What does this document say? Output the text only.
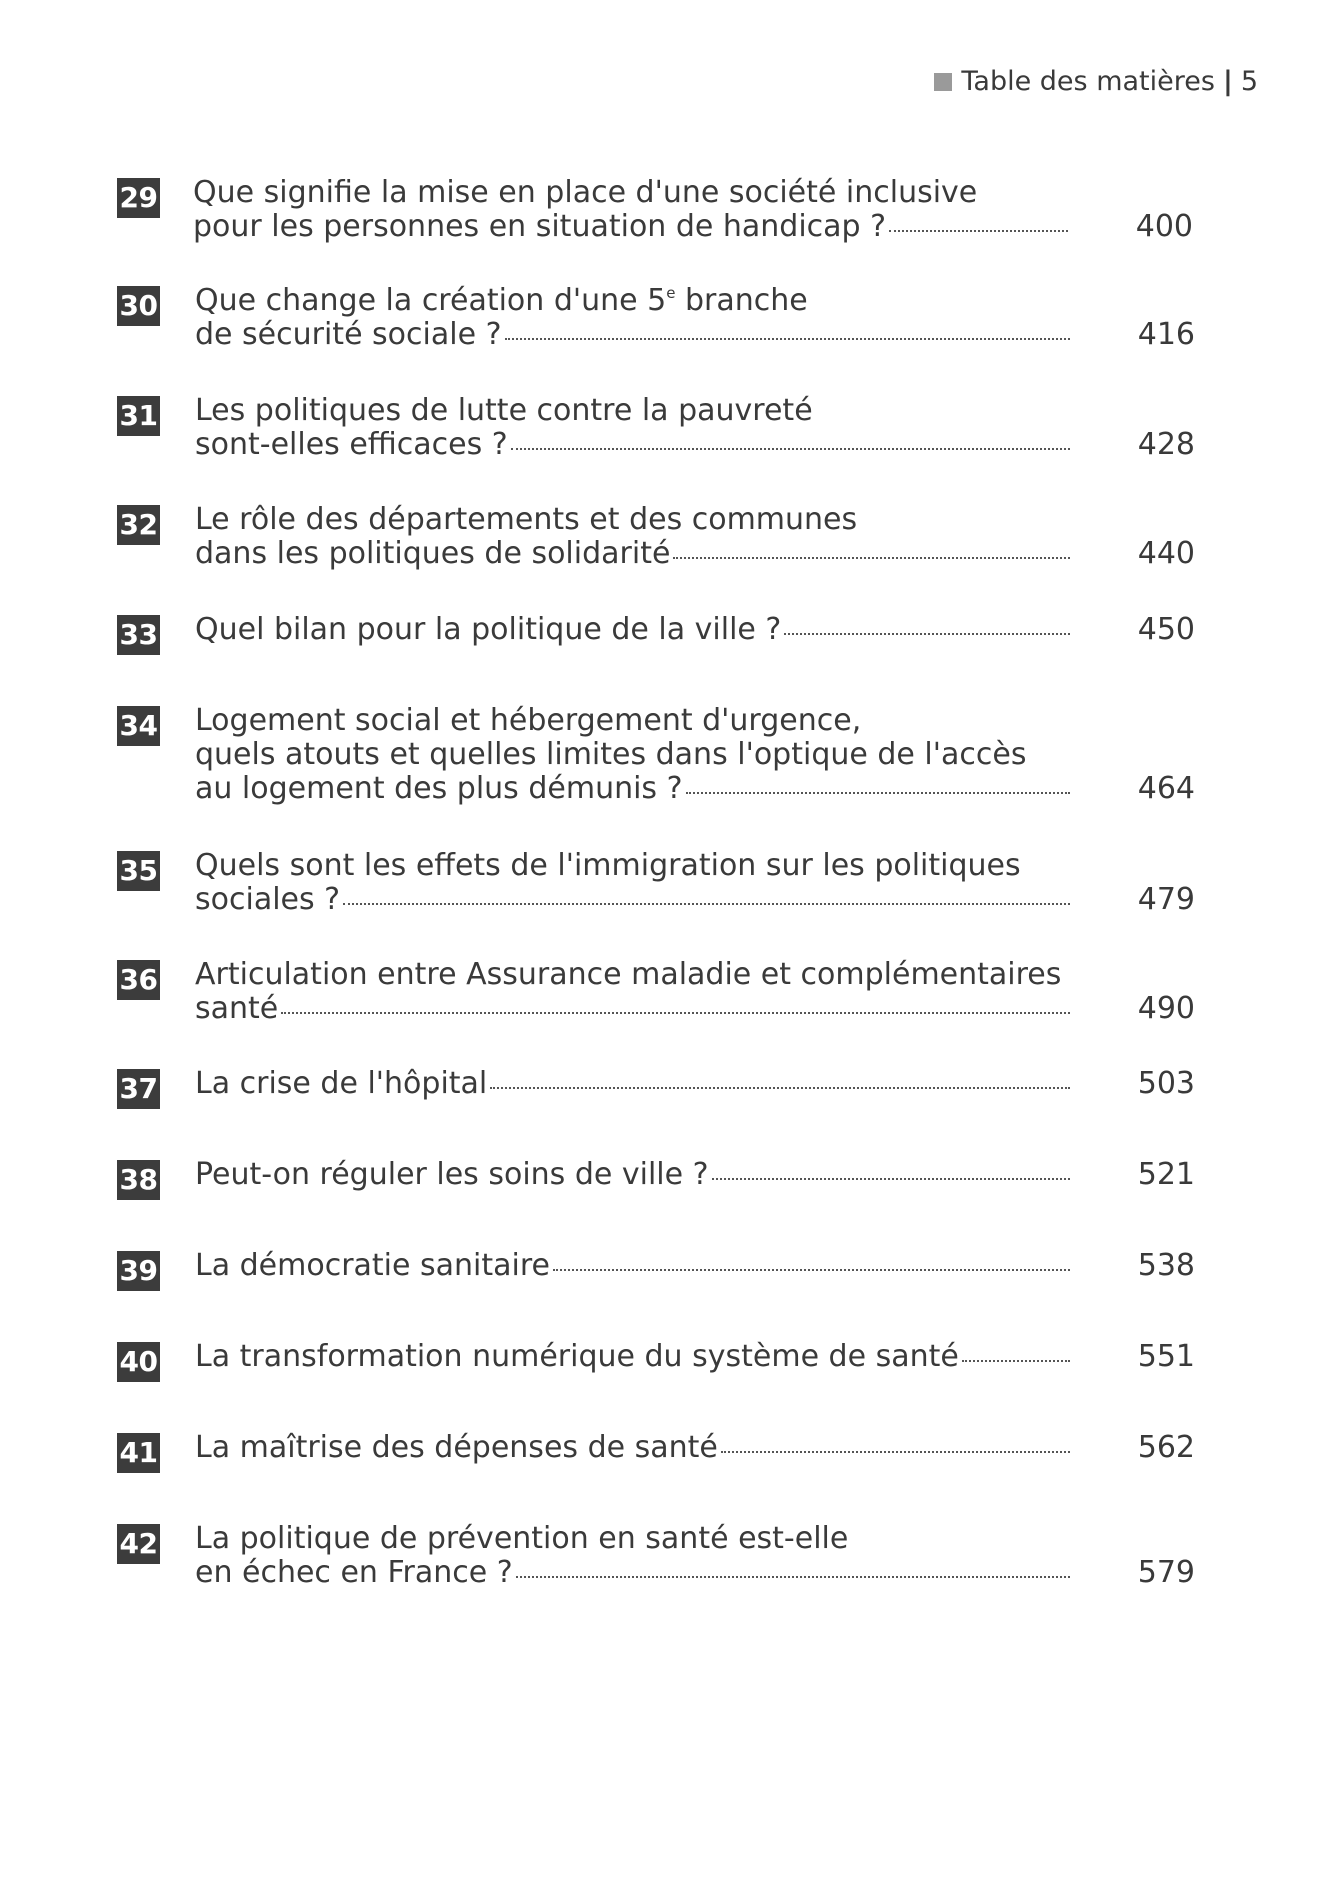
Table des matières | 5
29 Que signifie la mise en place d'une société inclusive
pour les personnes en situation de handicap ?	400
30 Que change la création d'une 5e branche
de sécurité sociale ?	416
31 Les politiques de lutte contre la pauvreté
sont-elles efficaces ?	428
32 Le rôle des départements et des communes
dans les politiques de solidarité	440
33 Quel bilan pour la politique de la ville ?	450
34 Logement social et hébergement d'urgence,
quels atouts et quelles limites dans l'optique de l'accès
au logement des plus démunis ?	464
35 Quels sont les effets de l'immigration sur les politiques
sociales ?	479
36 Articulation entre Assurance maladie et complémentaires
santé	490
37 La crise de l'hôpital	503
38 Peut-on réguler les soins de ville ?	521
39 La démocratie sanitaire	538
40 La transformation numérique du système de santé	551
41 La maîtrise des dépenses de santé	562
42 La politique de prévention en santé est-elle
en échec en France ?	579
